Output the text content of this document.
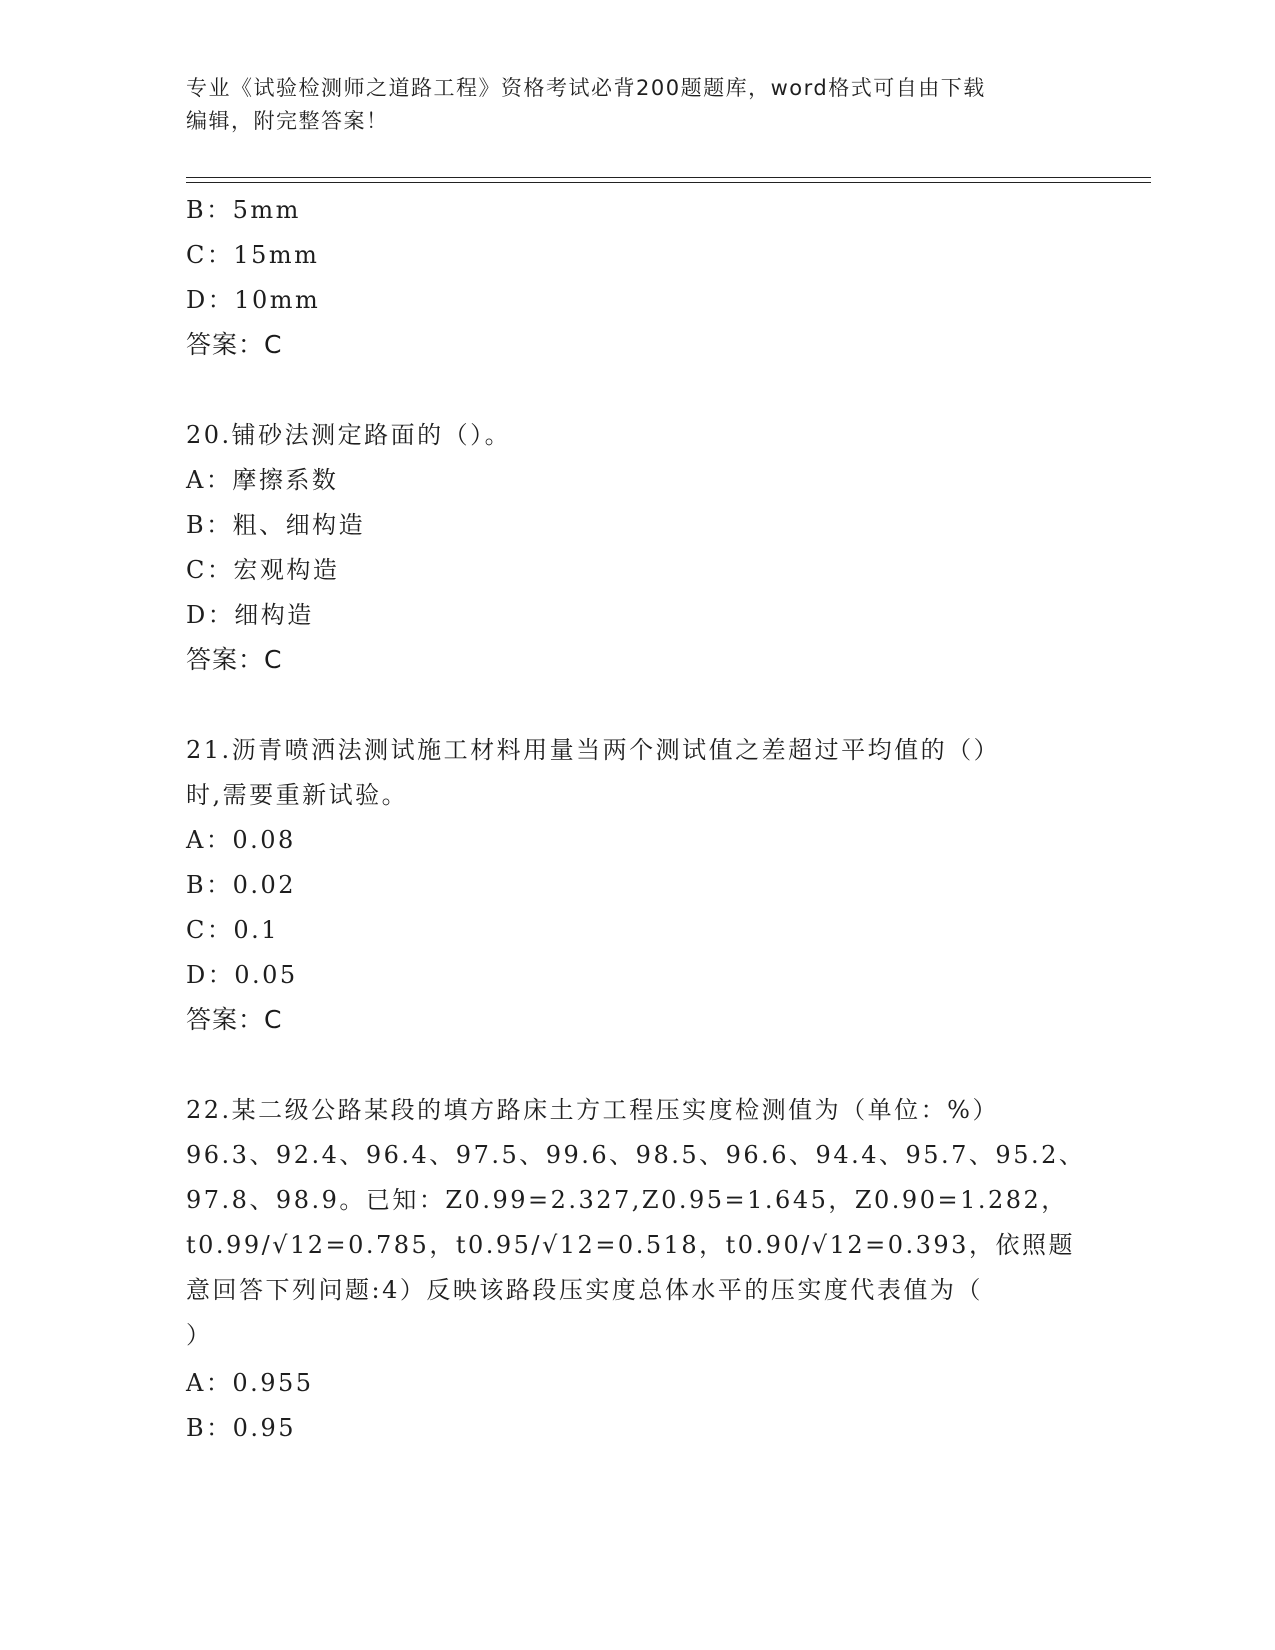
专业《试验检测师之道路工程》资格考试必背200题题库，word格式可自由下载
编辑，附完整答案！
B：5mm
C：15mm
D：10mm
答案：C
20.铺砂法测定路面的（）。
A：摩擦系数
B：粗、细构造
C：宏观构造
D：细构造
答案：C
21.沥青喷洒法测试施工材料用量当两个测试值之差超过平均值的（）
时,需要重新试验。
A：0.08
B：0.02
C：0.1
D：0.05
答案：C
22.某二级公路某段的填方路床土方工程压实度检测值为（单位：%）
96.3、92.4、96.4、97.5、99.6、98.5、96.6、94.4、95.7、95.2、
97.8、98.9。已知：Z0.99=2.327,Z0.95=1.645，Z0.90=1.282，
t0.99/√12=0.785，t0.95/√12=0.518，t0.90/√12=0.393，依照题
意回答下列问题:4）反映该路段压实度总体水平的压实度代表值为（
）
A：0.955
B：0.95
